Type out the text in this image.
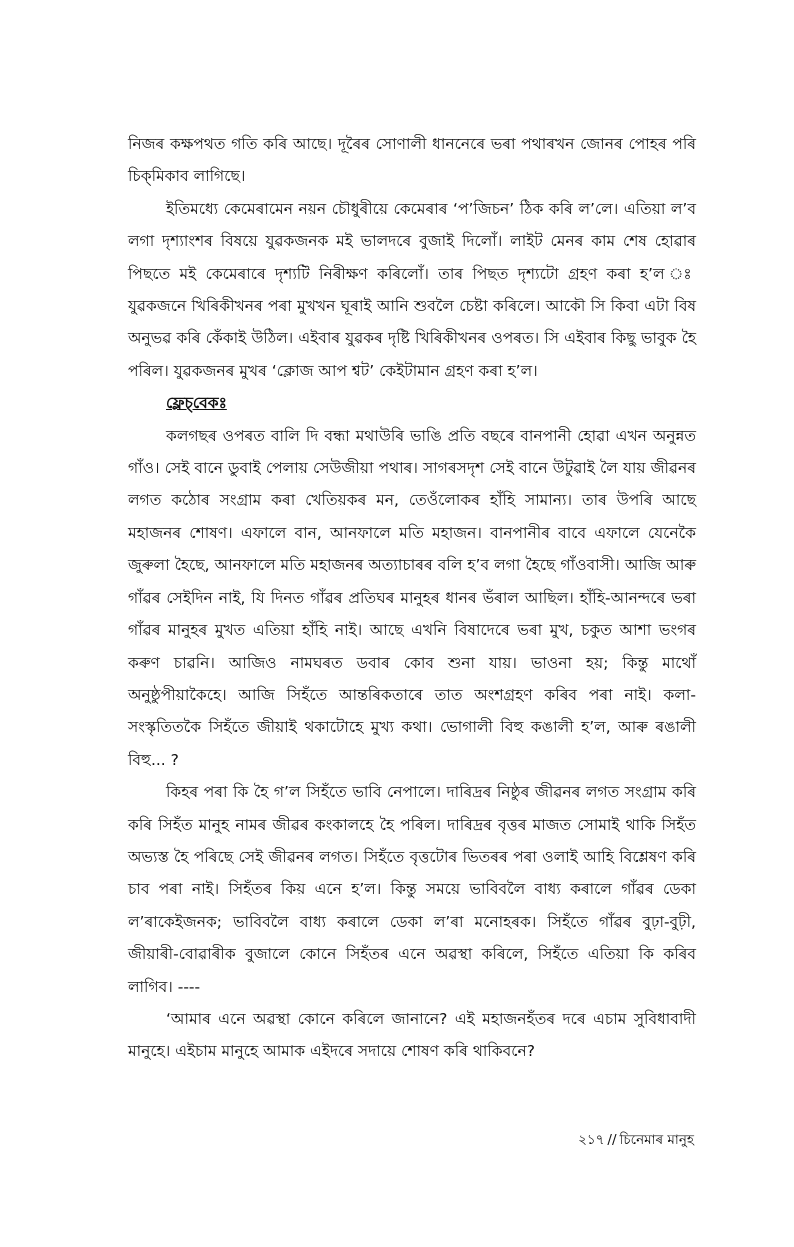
নিজৰ কক্ষপথত গতি কৰি আছে। দূৰৈৰ সোণালী ধাননেৰে ভৰা পথাৰখন জোনৰ পোহৰ পৰি চিক্‌মিকাব লাগিছে।

ইতিমধ্যে কেমেৰামেন নয়ন চৌধুৰীয়ে কেমেৰাৰ ‘প’জিচন’ ঠিক কৰি ল’লে। এতিয়া ল’ব লগা দৃশ্যাংশৰ বিষয়ে যুৱকজনক মই ভালদৰে বুজাই দিলোঁ। লাইট মেনৰ কাম শেষ হোৱাৰ পিছতে মই কেমেৰাৰে দৃশ্যটি নিৰীক্ষণ কৰিলোঁ। তাৰ পিছত দৃশ্যটো গ্ৰহণ কৰা হ’ল ঃ যুৱকজনে খিৰিকীখনৰ পৰা মুখখন ঘূৰাই আনি শুবলৈ চেষ্টা কৰিলে। আকৌ সি কিবা এটা বিষ অনুভৱ কৰি কেঁকাই উঠিল। এইবাৰ যুৱকৰ দৃষ্টি খিৰিকীখনৰ ওপৰত। সি এইবাৰ কিছু ভাবুক হৈ পৰিল। যুৱকজনৰ মুখৰ ‘ক্লোজ আপ শ্বট’ কেইটামান গ্ৰহণ কৰা হ’ল।

ফ্লেচ্‌বেকঃ

কলগছৰ ওপৰত বালি দি বন্ধা মথাউৰি ভাঙি প্ৰতি বছৰে বানপানী হোৱা এখন অনুন্নত গাঁও। সেই বানে ডুবাই পেলায় সেউজীয়া পথাৰ। সাগৰসদৃশ সেই বানে উটুৱাই লৈ যায় জীৱনৰ লগত কঠোৰ সংগ্ৰাম কৰা খেতিয়কৰ মন, তেওঁলোকৰ হাঁহি সামান্য। তাৰ উপৰি আছে মহাজনৰ শোষণ। এফালে বান, আনফালে মতি মহাজন। বানপানীৰ বাবে এফালে যেনেকৈ জুৰুলা হৈছে, আনফালে মতি মহাজনৰ অত্যাচাৰৰ বলি হ’ব লগা হৈছে গাঁওবাসী। আজি আৰু গাঁৱৰ সেইদিন নাই, যি দিনত গাঁৱৰ প্ৰতিঘৰ মানুহৰ ধানৰ ভঁৰাল আছিল। হাঁহি-আনন্দৰে ভৰা গাঁৱৰ মানুহৰ মুখত এতিয়া হাঁহি নাই। আছে এখনি বিষাদেৰে ভৰা মুখ, চকুত আশা ভংগৰ কৰুণ চাৱনি। আজিও নামঘৰত ডবাৰ কোব শুনা যায়। ভাওনা হয়; কিন্তু মাথোঁ অনুষ্ঠুপীয়াকৈহে। আজি সিহঁতে আন্তৰিকতাৰে তাত অংশগ্ৰহণ কৰিব পৰা নাই। কলা-সংস্কৃতিতকৈ সিহঁতে জীয়াই থকাটোহে মুখ্য কথা। ভোগালী বিহু কঙালী হ’ল, আৰু ৰঙালী বিহু... ?

কিহৰ পৰা কি হৈ গ’ল সিহঁতে ভাবি নেপালে। দাৰিদ্ৰৰ নিষ্ঠুৰ জীৱনৰ লগত সংগ্ৰাম কৰি কৰি সিহঁত মানুহ নামৰ জীৱৰ কংকালহে হৈ পৰিল। দাৰিদ্ৰৰ বৃত্তৰ মাজত সোমাই থাকি সিহঁত অভ্যস্ত হৈ পৰিছে সেই জীৱনৰ লগত। সিহঁতে বৃত্তটোৰ ভিতৰৰ পৰা ওলাই আহি বিশ্লেষণ কৰি চাব পৰা নাই। সিহঁতৰ কিয় এনে হ’ল। কিন্তু সময়ে ভাবিবলৈ বাধ্য কৰালে গাঁৱৰ ডেকা ল’ৰাকেইজনক; ভাবিবলৈ বাধ্য কৰালে ডেকা ল’ৰা মনোহৰক। সিহঁতে গাঁৱৰ বুঢ়া-বুঢ়ী, জীয়াৰী-বোৱাৰীক বুজালে কোনে সিহঁতৰ এনে অৱস্থা কৰিলে, সিহঁতে এতিয়া কি কৰিব লাগিব। ----

‘আমাৰ এনে অৱস্থা কোনে কৰিলে জানানে? এই মহাজনহঁতৰ দৰে এচাম সুবিধাবাদী মানুহে। এইচাম মানুহে আমাক এইদৰে সদায়ে শোষণ কৰি থাকিবনে?

২১৭ // চিনেমাৰ মানুহ
